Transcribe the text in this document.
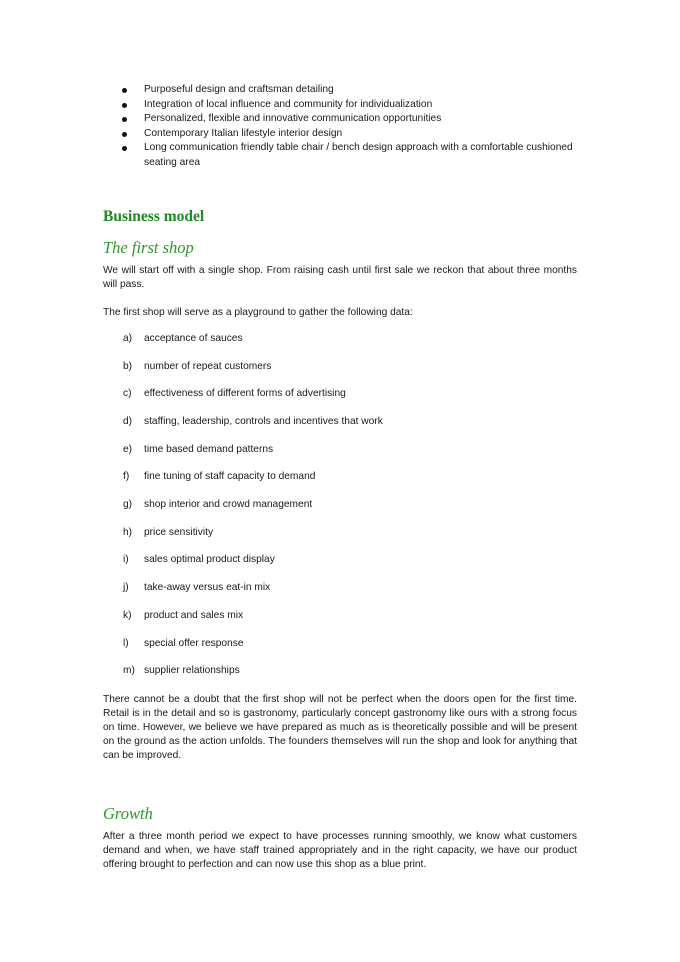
Purposeful design and craftsman detailing
Integration of local influence and community for individualization
Personalized, flexible and innovative communication opportunities
Contemporary Italian lifestyle interior design
Long communication friendly table chair / bench design approach with a comfortable cushioned seating area
Business model
The first shop

We will start off with a single shop. From raising cash until first sale we reckon that about three months will pass.

The first shop will serve as a playground to gather the following data:

a)	acceptance of sauces
b)	number of repeat customers
c)	effectiveness of different forms of advertising
d)	staffing, leadership, controls and incentives that work
e)	time based demand patterns
f)	fine tuning of staff capacity to demand
g)	shop interior and crowd management
h)	price sensitivity
i)	sales optimal product display
j)	take-away versus eat-in mix
k)	product and sales mix
l)	special offer response
m) supplier relationships

There cannot be a doubt that the first shop will not be perfect when the doors open for the first time. Retail is in the detail and so is gastronomy, particularly concept gastronomy like ours with a strong focus on time. However, we believe we have prepared as much as is theoretically possible and will be present on the ground as the action unfolds. The founders themselves will run the shop and look for anything that can be improved.

Growth

After a three month period we expect to have processes running smoothly, we know what customers demand and when, we have staff trained appropriately and in the right capacity, we have our product offering brought to perfection and can now use this shop as a blue print.
